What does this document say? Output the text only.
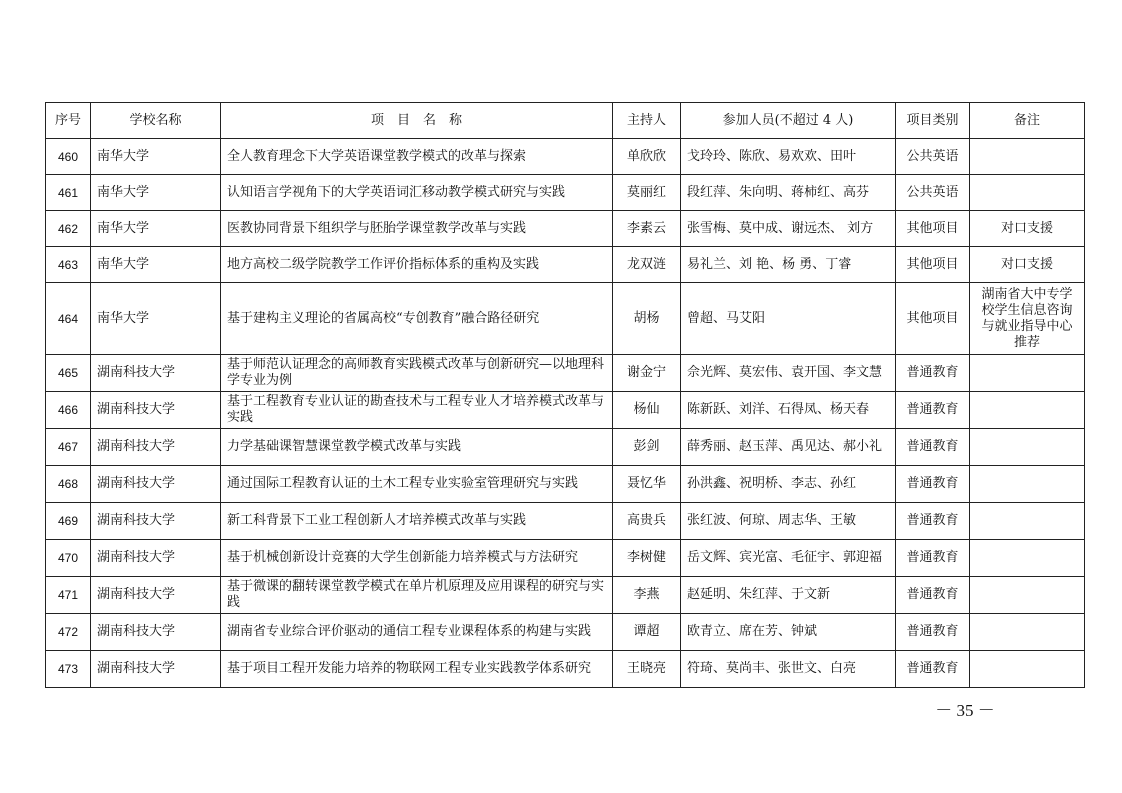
序号	学校名称	项　目　名　称	主持人	参加人员(不超过 4 人)	项目类别	备注
460	南华大学	全人教育理念下大学英语课堂教学模式的改革与探索	单欣欣	戈玲玲、陈欣、易欢欢、田叶	公共英语	
461	南华大学	认知语言学视角下的大学英语词汇移动教学模式研究与实践	莫丽红	段红萍、朱向明、蒋柿红、高芬	公共英语	
462	南华大学	医教协同背景下组织学与胚胎学课堂教学改革与实践	李素云	张雪梅、莫中成、谢远杰、 刘方	其他项目	对口支援
463	南华大学	地方高校二级学院教学工作评价指标体系的重构及实践	龙双涟	易礼兰、刘 艳、杨 勇、丁睿	其他项目	对口支援
464	南华大学	基于建构主义理论的省属高校“专创教育”融合路径研究	胡杨	曾超、马艾阳	其他项目	湖南省大中专学校学生信息咨询与就业指导中心推荐
465	湖南科技大学	基于师范认证理念的高师教育实践模式改革与创新研究—以地理科学专业为例	谢金宁	佘光辉、莫宏伟、袁开国、李文慧	普通教育	
466	湖南科技大学	基于工程教育专业认证的勘查技术与工程专业人才培养模式改革与实践	杨仙	陈新跃、刘洋、石得凤、杨天春	普通教育	
467	湖南科技大学	力学基础课智慧课堂教学模式改革与实践	彭剑	薛秀丽、赵玉萍、禹见达、郝小礼	普通教育	
468	湖南科技大学	通过国际工程教育认证的土木工程专业实验室管理研究与实践	聂忆华	孙洪鑫、祝明桥、李志、孙红	普通教育	
469	湖南科技大学	新工科背景下工业工程创新人才培养模式改革与实践	高贵兵	张红波、何琼、周志华、王敏	普通教育	
470	湖南科技大学	基于机械创新设计竞赛的大学生创新能力培养模式与方法研究	李树健	岳文辉、宾光富、毛征宇、郭迎福	普通教育	
471	湖南科技大学	基于微课的翻转课堂教学模式在单片机原理及应用课程的研究与实践	李燕	赵延明、朱红萍、于文新	普通教育	
472	湖南科技大学	湖南省专业综合评价驱动的通信工程专业课程体系的构建与实践	谭超	欧青立、席在芳、钟斌	普通教育	
473	湖南科技大学	基于项目工程开发能力培养的物联网工程专业实践教学体系研究	王晓亮	符琦、莫尚丰、张世文、白亮	普通教育	
－ 35 －
